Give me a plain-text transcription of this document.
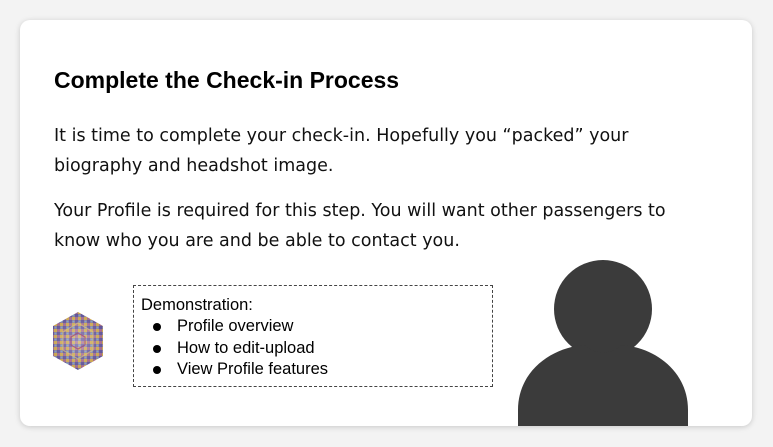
Complete the Check-in Process

It is time to complete your check-in. Hopefully you “packed” your biography and headshot image.

Your Profile is required for this step. You will want other passengers to know who you are and be able to contact you.

Demonstration:
Profile overview
How to edit-upload
View Profile features
